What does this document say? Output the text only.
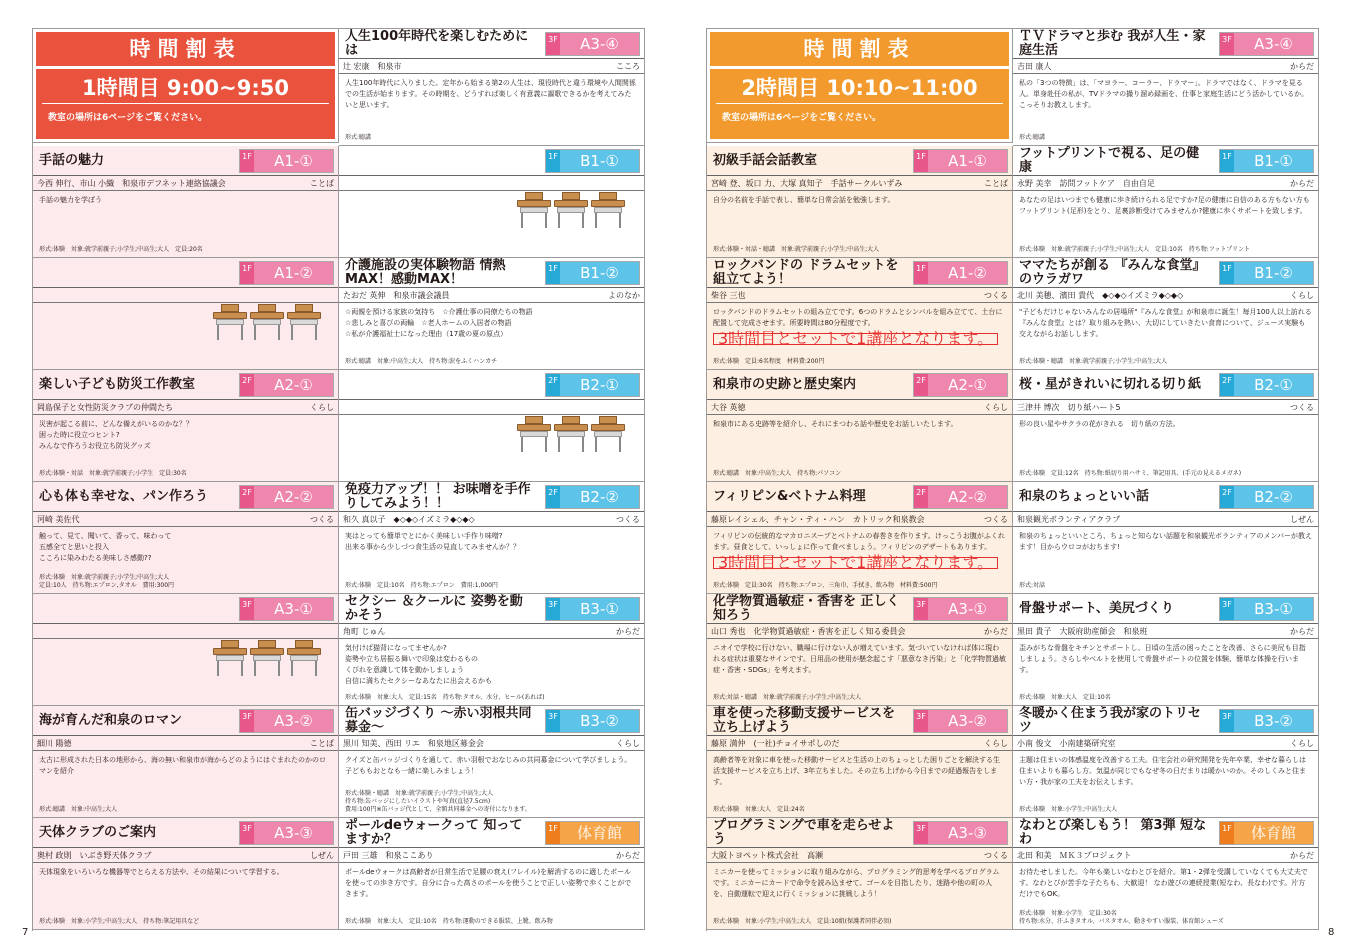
時間割表
1時間目 9:00~9:50
教室の場所は6ページをご覧ください。
人生100年時代を楽しむためには
3F	A3-④
辻 宏康　和泉市	こころ
人生100年時代に入りました。定年から始まる第2の人生は、現役時代と違う環境や人間関係での生活が始まります。その時期を、どうすれば楽しく有意義に謳歌できるかを考えてみたいと思います。
形式:聴講
手話の魅力	1F	A1-①
今西 伸行、市山 小織　和泉市デフネット連絡協議会	ことば
手話の魅力を学ぼう
形式:体験　対象:就学前親子;小学生;中高生;大人　定員:20名
1F	B1-①
1F	A1-②	介護施設の実体験物語 情熱MAX！感動MAX！
1F	B1-②
たおだ 英伸　和泉市議会議員	よのなか
☆両親を預ける家族の気持ち　☆介護仕事の同僚たちの物語
☆悲しみと喜びの両輪　☆老人ホームの入居者の物語
☆私が介護福祉士になった理由（17歳の夏の原点）
形式:聴講　対象:中高生;大人　持ち物:涙をふくハンカチ
楽しい子ども防災工作教室	2F	A2-①
岡島保子と女性防災クラブの仲間たち	くらし
災害が起こる前に、どんな備えがいるのかな？？
困った時に役立つヒント?
みんなで作ろうお役立ち防災グッズ
形式:体験・対話　対象:就学前親子;小学生　定員:30名
2F	B2-①
心も体も幸せな、パン作ろう	2F	A2-②
河崎 美佐代	つくる
触って、見て、聞いて、香って、味わって
五感全てと思いと投入
こころに染みわたる美味しさ感動??
形式:体験　対象:就学前親子;小学生;中高生;大人
定員:10人　持ち物:エプロン,タオル　費用:300円
免疫力アップ！！ お味噌を手作りしてみよう！！
2F	B2-②
和久 真以子　◆◇◆◇イズミラ◆◇◆◇	つくる
実はとっても簡単でとにかく美味しい手作り味噌?
出来る事から少しづつ食生活の見直してみませんか？？
形式:体験　定員:10名　持ち物:エプロン　費用:1,000円
3F	A3-①	セクシー ＆クールに 姿勢を動かそう
3F	B3-①
角町 じゅん	からだ
気付けば猫背になってませんか?
姿勢や立ち居振る舞いで印象は変わるもの
くびれを意識して体を動かしましょう
自信に満ちたセクシーなあなたに出会えるかも
形式:体験　対象:大人　定員:15名　持ち物:タオル、水分、ヒール(あれば)
海が育んだ和泉のロマン	3F	A3-②
細川 陽德	ことば
太古に形成された日本の地形から、海の無い和泉市が海からどのようにはぐまれたのかのロマンを紹介
形式:聴講　対象:中高生;大人
缶バッジづくり ～赤い羽根共同募金～
3F	B3-②
黒川 知美、西田 リエ　和泉地区募金会	くらし
クイズと缶バッジづくりを通して、赤い羽根でおなじみの共同募金について学びましょう。子どももおとなも一緒に楽しみましょう！
形式:体験・聴講　対象:就学前親子;小学生;中高生;大人
持ち物:缶バッジにしたいイラストや写真(直径7.5cm)
費用:100円※缶バッジ代として、全額共同募金への寄付になります。
天体クラブのご案内	3F	A3-③
奥村 政則　いぶき野天体クラブ	しぜん
天体現象をいろいろな機器等でとらえる方法や、その結果について学習する。
形式:体験　対象:小学生;中高生;大人　持ち物:筆記用具など
ポールdeウォークって 知ってますか？
1F	体育館
戸田 三雄　和泉ここあり	からだ
ポールdeウォークは高齢者が日常生活で足腰の衰え(フレイル)を解消するのに適したポールを使っての歩き方です。自分に合った高さのポールを使うことで正しい姿勢で歩くことができます。
形式:体験　対象:大人　定員:10名　持ち物:運動のできる服装、上靴、飲み物
時間割表
2時間目 10:10~11:00
教室の場所は6ページをご覧ください。
ＴＶドラマと歩む 我が人生・家庭生活
3F	A3-④
吉田 康人	からだ
私の「3つの特徴」は、「マヨラー、コーラー、ドラマー」。ドラマではなく、ドラマを見る人。単身赴任の私が、TVドラマの撮り溜め録画を、仕事と家庭生活にどう活かしているか。こっそりお教えします。
形式:聴講
初級手話会話教室	1F	A1-①
宮崎 登、坂口 力、大塚 真知子　手話サークルいずみ	ことば
自分の名前を手話で表し、簡単な日常会話を勉強します。
形式:体験・対話・聴講　対象:就学前親子;小学生;中高生;大人
フットプリントで視る、足の健康
1F	B1-①
永野 美幸　訪問フットケア　自由自足	からだ
あなたの足はいつまでも健康に歩き続けられる足ですか?足の健康に自信のある方もない方もフットプリント(足形)をとり、足裏診断受けてみませんか?健康に歩くサポートを致します。
形式:体験　対象:就学前親子;小学生;中高生;大人　定員:10名　持ち物:フットプリント
ロックバンドの ドラムセットを組立てよう！
1F	A1-②
柴谷 三也	つくる
ロックバンドのドラムセットの組み立てです。6つのドラムとシンバルを組み立てて、土台に配置して完成させます。所要時間は80分程度です。
3時間目とセットで1講座となります。
形式:体験　定員:6名程度　材料費:200円
ママたちが創る 『みんな食堂』のウラガワ
1F	B1-②
北川 美穂、濱田 貴代　◆◇◆◇イズミラ◆◇◆◇	くらし
"子どもだけじゃないみんなの居場所"『みんな食堂』が和泉市に誕生！毎月100人以上訪れる『みんな食堂』とは？取り組みを熱い、大切にしていきたい食育について、ジュース実験も交えながらお話しします。
形式:体験・聴講　対象:就学前親子;小学生;中高生;大人
和泉市の史跡と歴史案内	2F	A2-①
大谷 英徳	くらし
和泉市にある史跡等を紹介し、それにまつわる話や歴史をお話しいたします。
形式:聴講　対象:中高生;大人　持ち物:パソコン
桜・星がきれいに切れる切り紙	2F	B2-①
三津井 博次　切り紙ハート5	つくる
形の良い星やサクラの花がきれる　切り紙の方法。
形式:体験　定員:12名　持ち物:紙切り用ハサミ、筆記用具、(手元の見えるメガネ)
フィリピン&ベトナム料理	2F	A2-②
藤原レイシェル、チャン・ティ・ハン　カトリック和泉教会	つくる
フィリピンの伝統的なマカロニスープとベトナムの春巻きを作ります。けっこうお腹がふくれます。昼食として、いっしょに作って食べましょう。フィリピンのデザートもあります。
3時間目とセットで1講座となります。
形式:体験　定員:30名　持ち物:エプロン、三角巾、手拭き、飲み物　材料費:500円
和泉のちょっといい話	2F	B2-②
和泉観光ボランティアクラブ	しぜん
和泉のちょっといいところ、ちょっと知らない話題を和泉観光ボランティアのメンバーが教えます！目からウロコがおちます!
形式:対話
化学物質過敏症・香害を 正しく知ろう
3F	A3-①
山口 秀也　化学物質過敏症・香害を正しく知る委員会	からだ
ニオイで学校に行けない、職場に行けない人が増えています。気づいていなければ体に現われる症状は重要なサインです。日用品の使用が懸念起こす「悪意なき汚染」と「化学物質過敏症・香害・SDGs」を考えます。
形式:対話・聴講　対象:就学前親子;小学生;中高生;大人
骨盤サポート、美尻づくり	3F	B3-①
黒田 貴子　大阪府助産師会　和泉班	からだ
歪みがちな骨盤をキチンとサポートし、日頃の生活の困ったことを改善、さらに美尻も目指しましょう。さらしやベルトを使用して骨盤サポートの位置を体験、簡単な体操を行います。
形式:体験　対象:大人　定員:10名
車を使った移動支援サービスを 立ち上げよう
3F	A3-②
藤原 満仲　(一社)チョイサポしのだ	くらし
高齢者等を対象に車を使った移動サービスと生活の上のちょっとした困りごとを解決する生活支援サービスを立ち上げ、3年立ちました。その立ち上げから今日までの経過報告をします。
形式:体験　対象:大人　定員:24名
冬暖かく住まう我が家のトリセツ
3F	B3-②
小南 俊文　小南建築研究室	くらし
主題は住まいの体感温度を改善する工夫。住宅会社の研究開発を先年卒業、幸せな暮らしは住まいよりも暮らし方。気温が同じでもなぜ冬の日だまりは暖かいのか。そのしくみと住まい方・我が家の工夫をお伝えします。
形式:体験　対象:小学生;中高生;大人
プログラミングで車を走らせよう
3F	A3-③
大阪トヨペット株式会社　高瀬	つくる
ミニカーを使ってミッションに取り組みながら、プログラミング的思考を学べるプログラムです。ミニカーにカードで命令を読み込ませて、ゴールを目指したり、迷路や他の町の人を、自動運転で迎えに行くミッションに挑戦しよう！
形式:体験　対象:小学生;中高生;大人　定員:10組(保護者同伴必須)
なわとび楽しもう！ 第3弾 短なわ
1F	体育館
北田 和美　ＭＫ３プロジェクト	からだ
お待たせしました。今年も楽しいなわとびを紹介。第1・2弾を受講していなくても大丈夫です。なわとびが苦手な子たちも、大歓迎！ なわ遊びの連続授業(短なわ、長なわ)です。片方だけでもOK。
形式:体験　対象:小学生　定員:30名
持ち物:水分、汗ふきタオル、バスタオル、動きやすい服装、体育館シューズ
7	8
